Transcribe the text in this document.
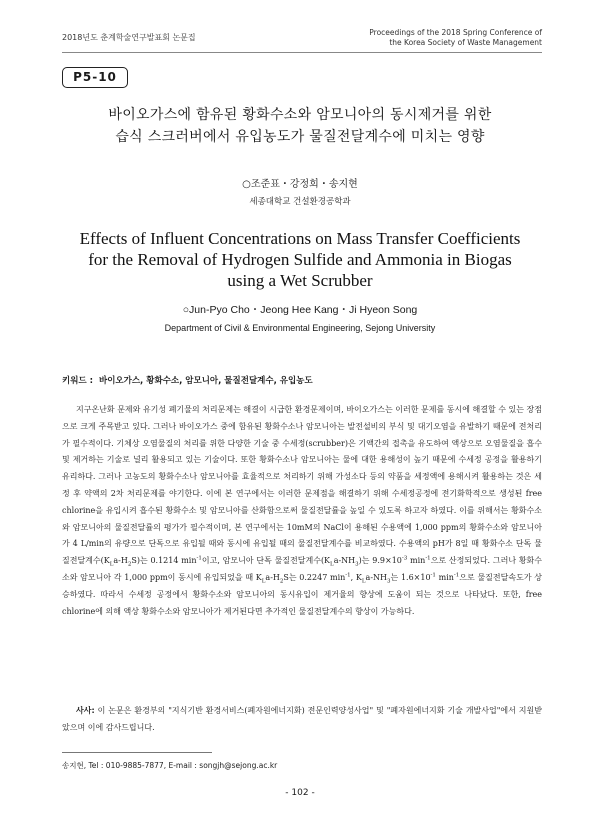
2018년도 춘계학술연구발표회 논문집
Proceedings of the 2018 Spring Conference of
the Korea Society of Waste Management
P5-10
바이오가스에 함유된 황화수소와 암모니아의 동시제거를 위한
습식 스크러버에서 유입농도가 물질전달계수에 미치는 영향
○조준표・강정희・송지현
세종대학교 건설환경공학과
Effects of Influent Concentrations on Mass Transfer Coefficients
for the Removal of Hydrogen Sulfide and Ammonia in Biogas
using a Wet Scrubber
○Jun-Pyo Cho・Jeong Hee Kang・Ji Hyeon Song
Department of Civil & Environmental Engineering, Sejong University
키워드 : 바이오가스, 황화수소, 암모니아, 물질전달계수, 유입농도
지구온난화 문제와 유기성 폐기물의 처리문제는 해결이 시급한 환경문제이며, 바이오가스는 이러한 문제를 동시에 해결할 수 있는 장점으로 크게 주목받고 있다. 그러나 바이오가스 중에 함유된 황화수소나 암모니아는 발전설비의 부식 및 대기오염을 유발하기 때문에 전처리가 필수적이다. 기체상 오염물질의 처리를 위한 다양한 기술 중 수세정(scrubber)은 기액간의 접촉을 유도하여 액상으로 오염물질을 흡수 및 제거하는 기술로 널리 활용되고 있는 기술이다. 또한 황화수소나 암모니아는 물에 대한 용해성이 높기 때문에 수세정 공정을 활용하기 유리하다. 그러나 고농도의 황화수소나 암모니아를 효율적으로 처리하기 위해 가성소다 등의 약품을 세정액에 용해시켜 활용하는 것은 세정 후 약액의 2차 처리문제를 야기한다. 이에 본 연구에서는 이러한 문제점을 해결하기 위해 수세정공정에 전기화학적으로 생성된 free chlorine을 유입시켜 흡수된 황화수소 및 암모니아를 산화함으로써 물질전달률을 높일 수 있도록 하고자 하였다. 이를 위해서는 황화수소와 암모니아의 물질전달률의 평가가 필수적이며, 본 연구에서는 10mM의 NaCl이 용해된 수용액에 1,000 ppm의 황화수소와 암모니아가 4 L/min의 유량으로 단독으로 유입될 때와 동시에 유입될 때의 물질전달계수를 비교하였다. 수용액의 pH가 8일 때 황화수소 단독 물질전달계수$(K_La-H_2S)$는 0.1214 $\min^{-1}$이고, 암모니아 단독 물질전달계수$(K_La-NH_3)$는 $9.9\times 10^{-3}$ $\min^{-1}$으로 산정되었다. 그러나 황화수소와 암모니아 각 1,000 ppm이 동시에 유입되었을 때 $K_La-H_2S$는 0.2247 $\min^{-1}$, $K_La-NH_3$는 $1.6\times 10^{-1}$ $\min^{-1}$으로 물질전달속도가 상승하였다. 따라서 수세정 공정에서 황화수소와 암모니아의 동시유입이 제거율의 향상에 도움이 되는 것으로 나타났다. 또한, free chlorine에 의해 액상 황화수소와 암모니아가 제거된다면 추가적인 물질전달계수의 향상이 가능하다.
사사: 이 논문은 환경부의 "지식기반 환경서비스(폐자원에너지화) 전문인력양성사업" 및 "폐자원에너지화 기술 개발사업"에서 지원받았으며 이에 감사드립니다.
송지현, Tel : 010-9885-7877, E-mail : songjh@sejong.ac.kr
- 102 -
